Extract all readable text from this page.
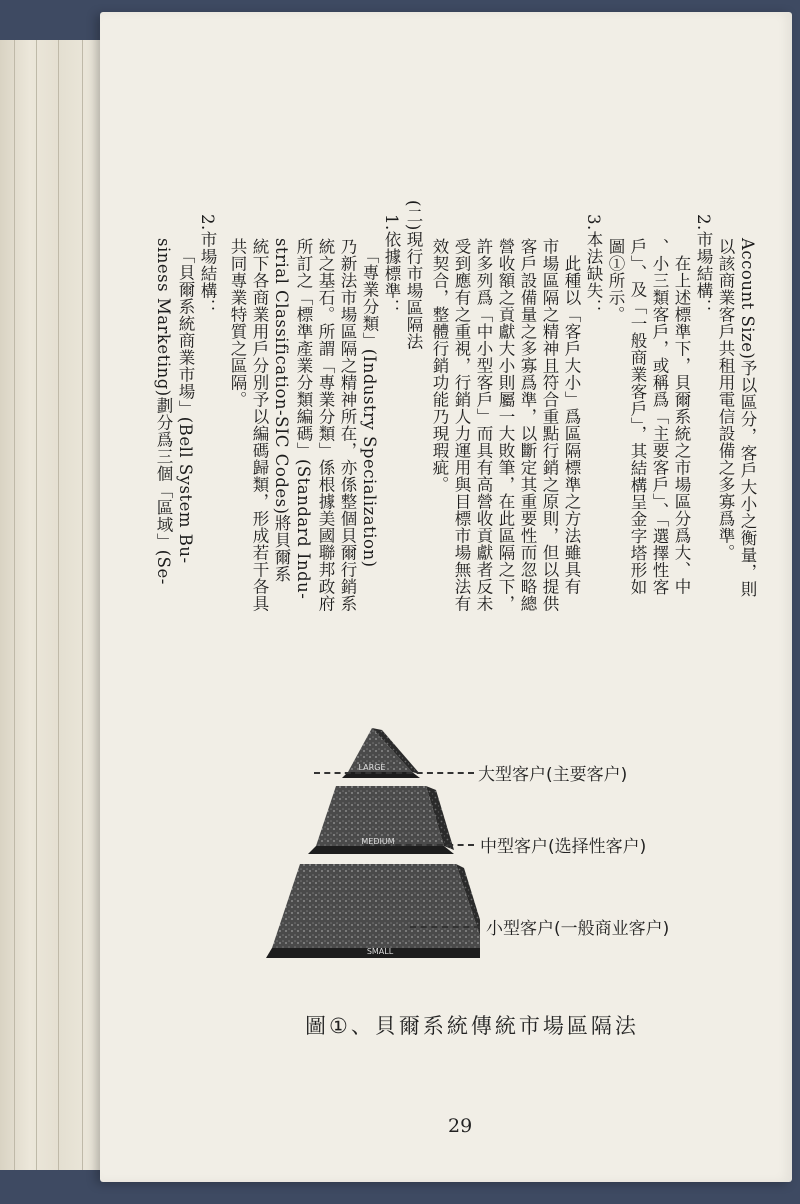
Account Size)予以區分，客戶大小之衡量，則
以該商業客戶共租用電信設備之多寡爲準。
2.市場結構：
　在上述標準下，貝爾系統之市場區分爲大、中
、小三類客戶，或稱爲「主要客戶」、「選擇性客
戶」、及「一般商業客戶」，其結構呈金字塔形如
圖①所示。
3.本法缺失：
　此種以「客戶大小」爲區隔標準之方法雖具有
市場區隔之精神且符合重點行銷之原則，但以提供
客戶設備量之多寡爲準，以斷定其重要性而忽略總
營收額之貢獻大小則屬一大敗筆，在此區隔之下，
許多列爲「中小型客戶」而具有高營收貢獻者反未
受到應有之重視，行銷人力運用與目標市場無法有
效契合，整體行銷功能乃現瑕疵。
(二)現行市場區隔法
1.依據標準：
　「專業分類」(Industry Specialization)
乃新法市場區隔之精神所在，亦係整個貝爾行銷系
統之基石。所謂「專業分類」係根據美國聯邦政府
所訂之「標準產業分類編碼」(Standard Indu-
strial Classification-SIC Codes)將貝爾系
統下各商業用戶分別予以編碼歸類，形成若干各具
共同專業特質之區隔。
2.市場結構：
　「貝爾系統商業市場」(Bell System Bu-
siness Marketing)劃分爲三個「區域」(Se-
LARGE
MEDIUM
SMALL
大型客户(主要客户)
中型客户(选择性客户)
小型客户(一般商业客户)
圖①、貝爾系統傳統市場區隔法
29
